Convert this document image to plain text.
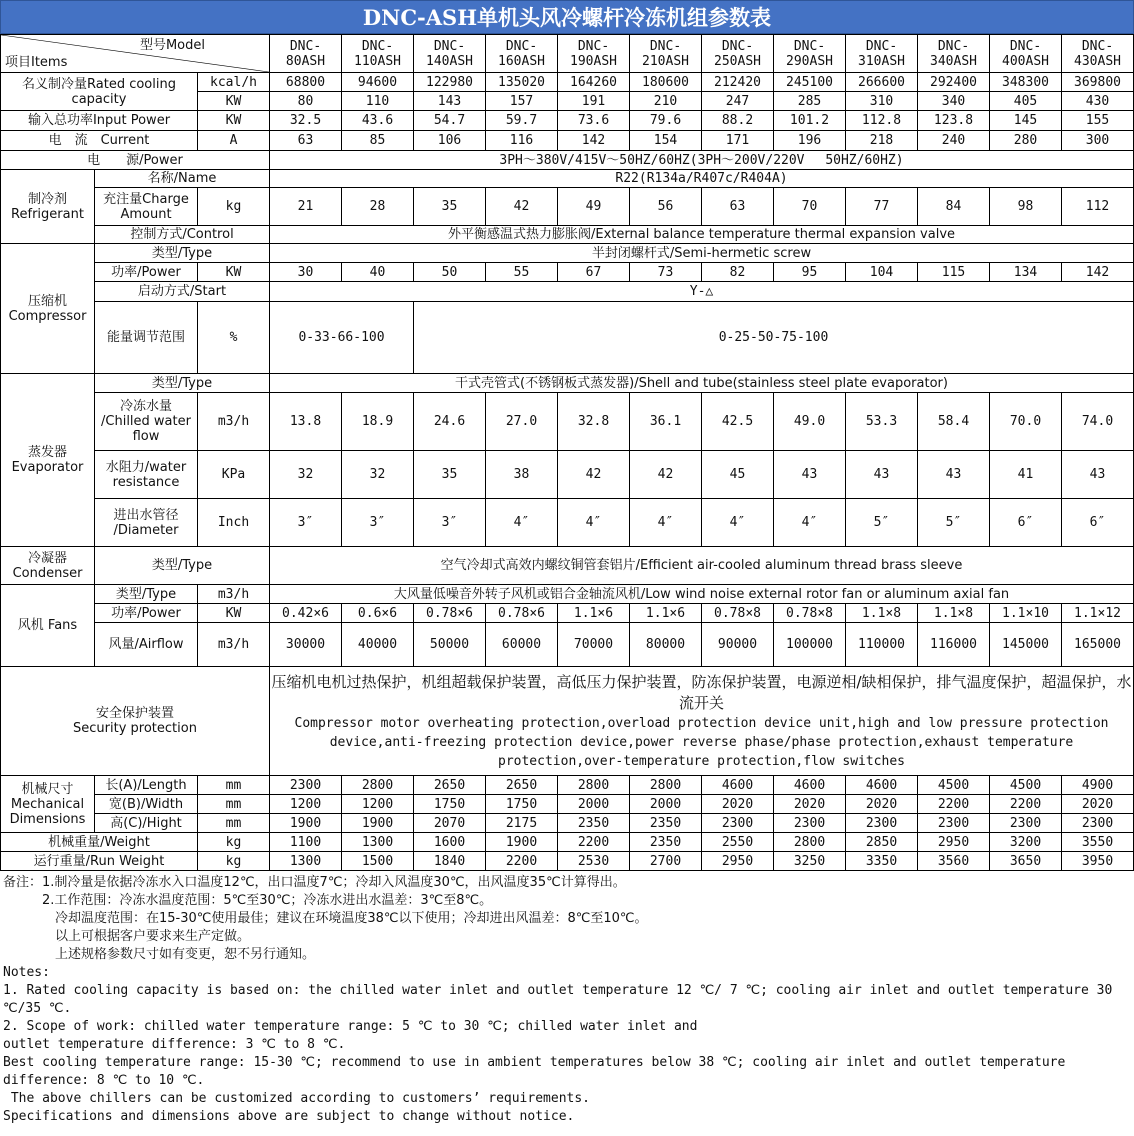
DNC-ASH单机头风冷螺杆冷冻机组参数表
型号Model
项目Items			DNC-80ASH	DNC-110ASH	DNC-140ASH	DNC-160ASH	DNC-190ASH	DNC-210ASH	DNC-250ASH	DNC-290ASH	DNC-310ASH	DNC-340ASH	DNC-400ASH	DNC-430ASH
名义制冷量Rated cooling capacity		kcal/h	68800	94600	122980	135020	164260	180600	212420	245100	266600	292400	348300	369800
		KW	80	110	143	157	191	210	247	285	310	340	405	430
输入总功率Input Power		KW	32.5	43.6	54.7	59.7	73.6	79.6	88.2	101.2	112.8	123.8	145	155
电　流　Current		A	63	85	106	116	142	154	171	196	218	240	280	300
电　　源/Power			3PH～380V/415V～50HZ/60HZ(3PH～200V/220V　 50HZ/60HZ)											
制冷剂 Refrigerant	名称/Name		R22(R134a/R407c/R404A)											
	充注量Charge Amount	kg	21	28	35	42	49	56	63	70	77	84	98	112
	控制方式/Control		外平衡感温式热力膨胀阀/External balance temperature thermal expansion valve											
压缩机 Compressor	类型/Type		半封闭螺杆式/Semi-hermetic screw											
	功率/Power	KW	30	40	50	55	67	73	82	95	104	115	134	142
	启动方式/Start		Y-△											
	能量调节范围	%	0-33-66-100		0-25-50-75-100									
蒸发器 Evaporator	类型/Type		干式壳管式(不锈钢板式蒸发器)/Shell and tube(stainless steel plate evaporator)											
	冷冻水量 /Chilled water flow	m3/h	13.8	18.9	24.6	27.0	32.8	36.1	42.5	49.0	53.3	58.4	70.0	74.0
	水阻力/water resistance	KPa	32	32	35	38	42	42	45	43	43	43	41	43
	进出水管径 /Diameter	Inch	3″	3″	3″	4″	4″	4″	4″	4″	5″	5″	6″	6″
冷凝器 Condenser	类型/Type		空气冷却式高效内螺纹铜管套铝片/Efficient air-cooled aluminum thread brass sleeve											
风机 Fans	类型/Type	m3/h	大风量低噪音外转子风机或铝合金轴流风机/Low wind noise external rotor fan or aluminum axial fan											
	功率/Power	KW	0.42×6	0.6×6	0.78×6	0.78×6	1.1×6	1.1×6	0.78×8	0.78×8	1.1×8	1.1×8	1.1×10	1.1×12
	风量/Airflow	m3/h	30000	40000	50000	60000	70000	80000	90000	100000	110000	116000	145000	165000
安全保护装置
Security protection			压缩机电机过热保护，机组超载保护装置，高低压力保护装置，防冻保护装置，电源逆相/缺相保护，排气温度保护，超温保护，水流开关
Compressor motor overheating protection,overload protection device unit,high and low pressure protection device,anti-freezing protection device,power reverse phase/phase protection,exhaust temperature protection,over-temperature protection,flow switches											

机械尺寸 Mechanical Dimensions	长(A)/Length	mm	2300	2800	2650	2650	2800	2800	4600	4600	4600	4500	4500	4900
	宽(B)/Width	mm	1200	1200	1750	1750	2000	2000	2020	2020	2020	2200	2200	2020
	高(C)/Hight	mm	1900	1900	2070	2175	2350	2350	2300	2300	2300	2300	2300	2300
机械重量/Weight		kg	1100	1300	1600	1900	2200	2350	2550	2800	2850	2950	3200	3550
运行重量/Run Weight		kg	1300	1500	1840	2200	2530	2700	2950	3250	3350	3560	3650	3950
备注：1.制冷量是依据冷冻水入口温度12℃，出口温度7℃；冷却入风温度30℃，出风温度35℃计算得出。
　　　2.工作范围：冷冻水温度范围：5℃至30℃；冷冻水进出水温差：3℃至8℃。
　　　　冷却温度范围：在15-30℃使用最佳；建议在环境温度38℃以下使用；冷却进出风温差：8℃至10℃。
　　　　以上可根据客户要求来生产定做。
　　　　上述规格参数尺寸如有变更，恕不另行通知。
Notes:
1. Rated cooling capacity is based on: the chilled water inlet and outlet temperature 12 ℃/ 7 ℃; cooling air inlet and outlet temperature 30 ℃/35 ℃.
2. Scope of work: chilled water temperature range: 5 ℃ to 30 ℃; chilled water inlet and
outlet temperature difference: 3 ℃ to 8 ℃.
Best cooling temperature range: 15-30 ℃; recommend to use in ambient temperatures below 38 ℃; cooling air inlet and outlet temperature difference: 8 ℃ to 10 ℃.
The above chillers can be customized according to customers’ requirements.
Specifications and dimensions above are subject to change without notice.
